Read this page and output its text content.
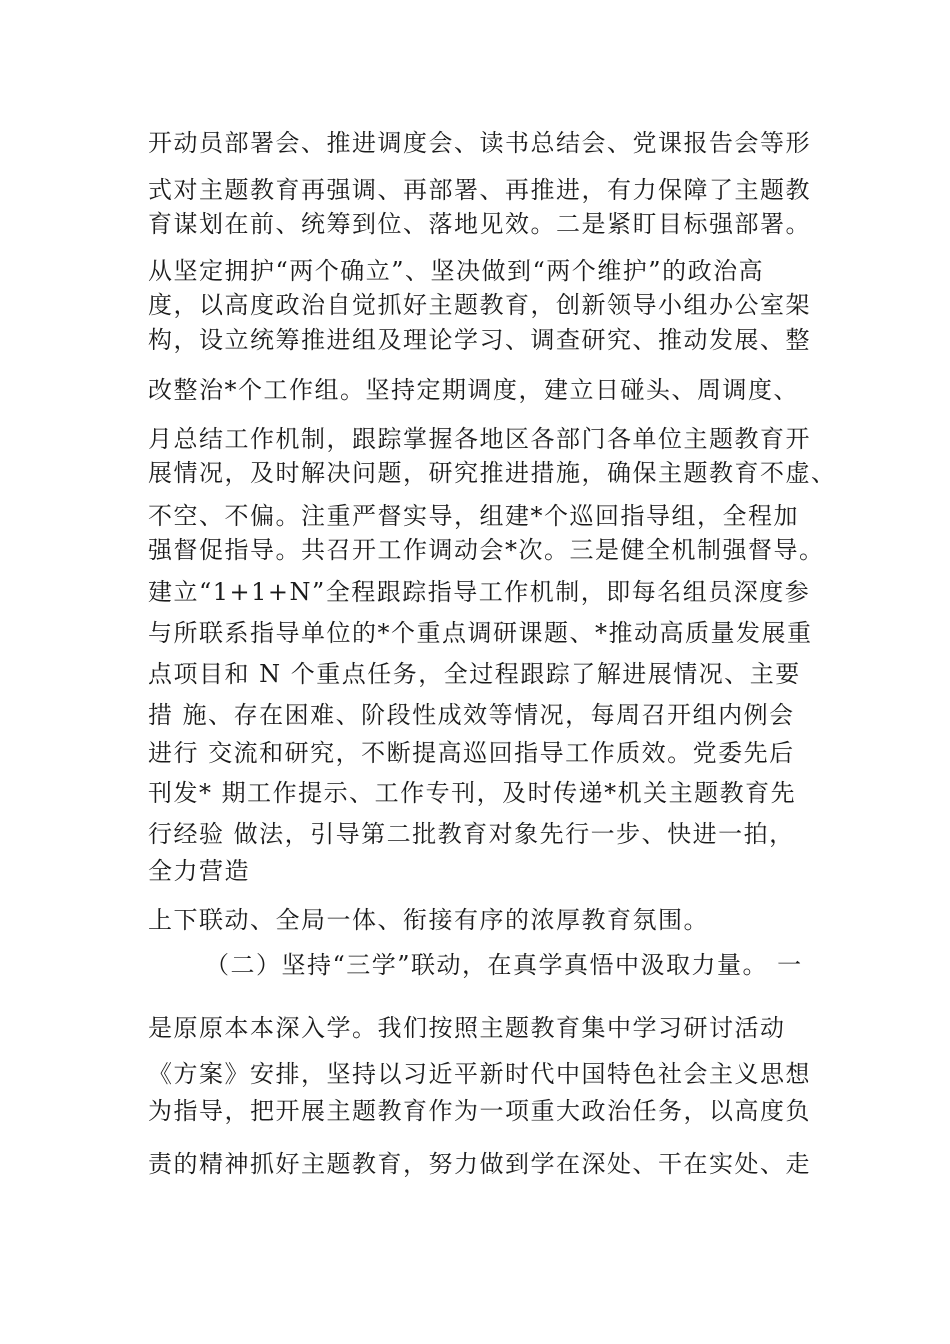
开动员部署会、推进调度会、读书总结会、党课报告会等形
式对主题教育再强调、再部署、再推进，有力保障了主题教
育谋划在前、统筹到位、落地见效。二是紧盯目标强部署。
从坚定拥护“两个确立”、坚决做到“两个维护”的政治高
度，以高度政治自觉抓好主题教育，创新领导小组办公室架
构，设立统筹推进组及理论学习、调查研究、推动发展、整
改整治*个工作组。坚持定期调度，建立日碰头、周调度、
月总结工作机制，跟踪掌握各地区各部门各单位主题教育开
展情况，及时解决问题，研究推进措施，确保主题教育不虚、
不空、不偏。注重严督实导，组建*个巡回指导组，全程加
强督促指导。共召开工作调动会*次。三是健全机制强督导。
建立“1+1+N”全程跟踪指导工作机制，即每名组员深度参
与所联系指导单位的*个重点调研课题、*推动高质量发展重
点项目和 N 个重点任务，全过程跟踪了解进展情况、主要
措 施、存在困难、阶段性成效等情况，每周召开组内例会
进行 交流和研究，不断提高巡回指导工作质效。党委先后
刊发* 期工作提示、工作专刊，及时传递*机关主题教育先
行经验 做法，引导第二批教育对象先行一步、快进一拍，
全力营造
上下联动、全局一体、衔接有序的浓厚教育氛围。
（二）坚持“三学”联动，在真学真悟中汲取力量。 一
是原原本本深入学。我们按照主题教育集中学习研讨活动
《方案》安排，坚持以习近平新时代中国特色社会主义思想
为指导，把开展主题教育作为一项重大政治任务，以高度负
责的精神抓好主题教育，努力做到学在深处、干在实处、走
